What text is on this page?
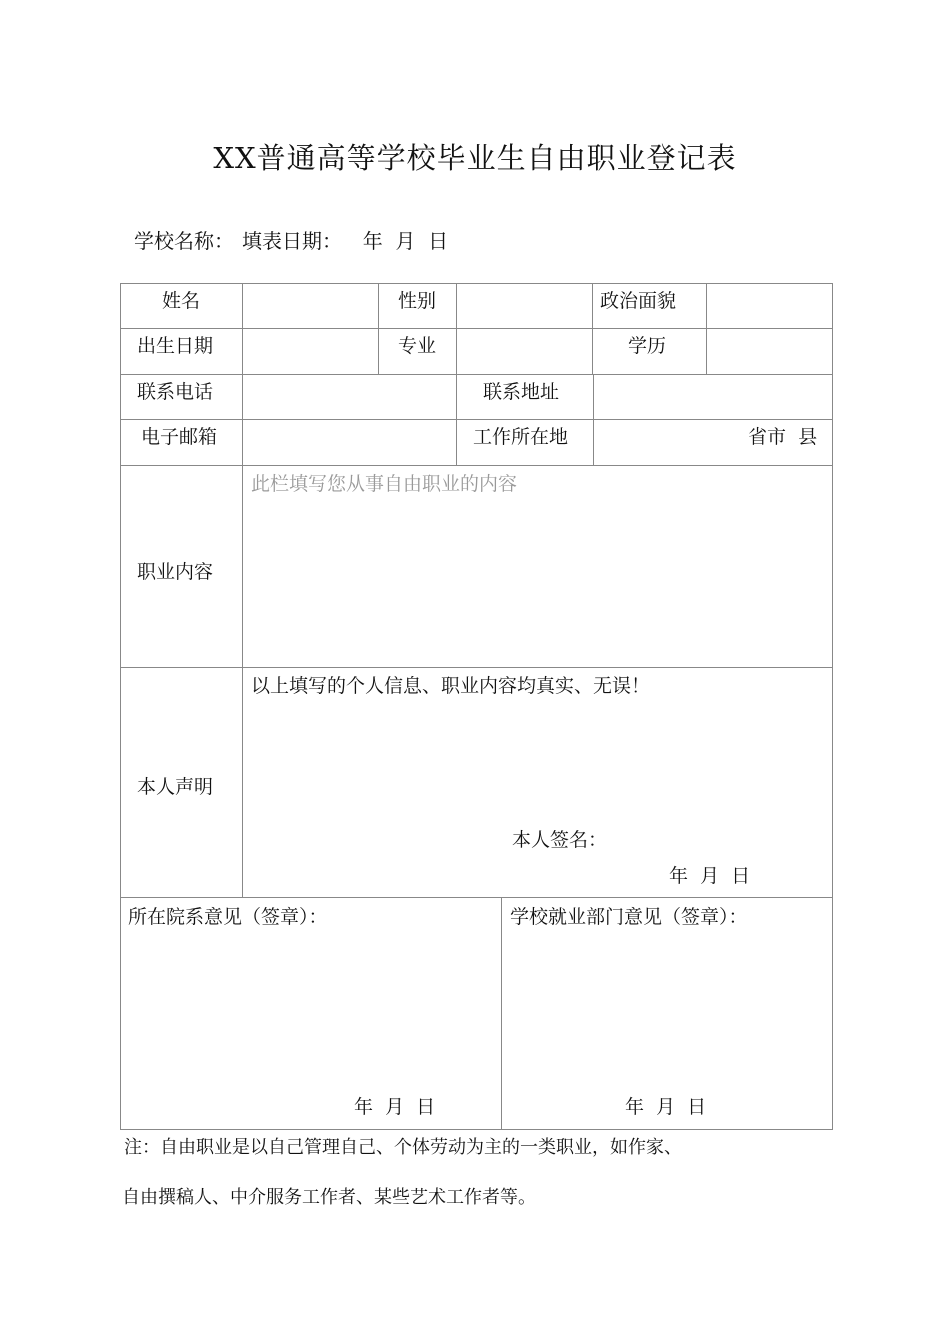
XX普通高等学校毕业生自由职业登记表
学校名称： 填表日期： 年  月  日
姓名	性别	政治面貌
出生日期	专业	学历
联系电话	联系地址
电子邮箱	工作所在地	省市  县
职业内容
此栏填写您从事自由职业的内容
本人声明
以上填写的个人信息、职业内容均真实、无误！
本人签名：
年  月  日
所在院系意见（签章）：
年  月  日
学校就业部门意见（签章）：
年  月  日
注：自由职业是以自己管理自己、个体劳动为主的一类职业，如作家、
自由撰稿人、中介服务工作者、某些艺术工作者等。
